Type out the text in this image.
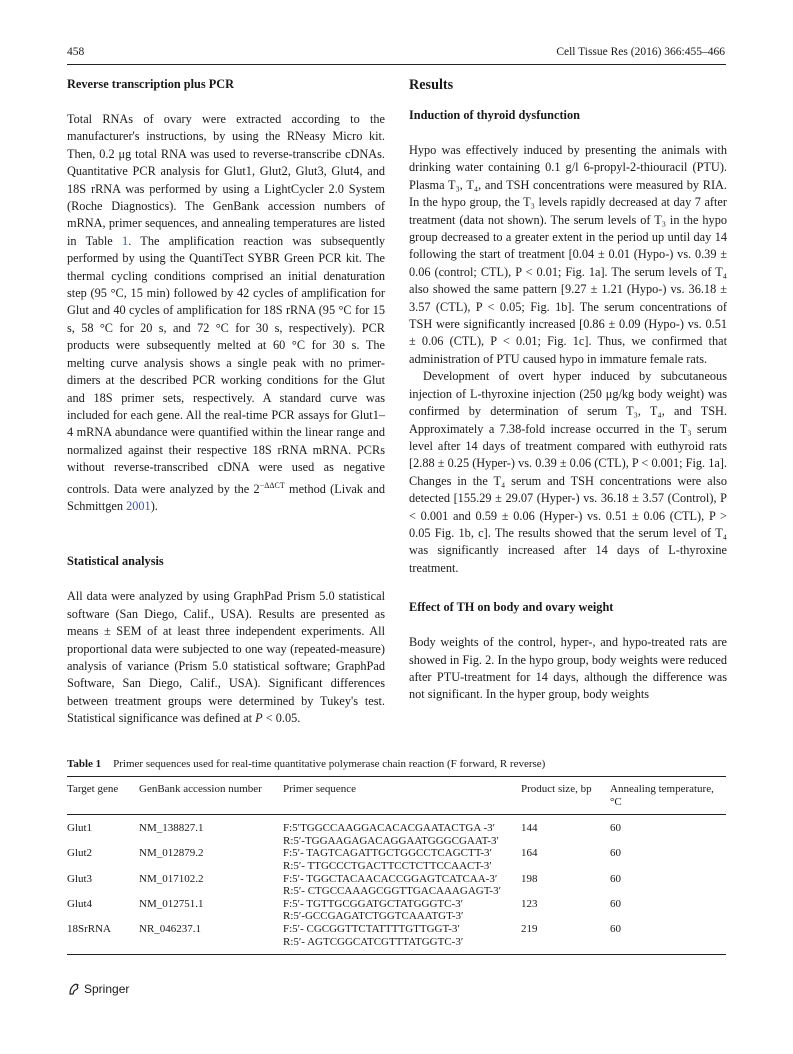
458	Cell Tissue Res (2016) 366:455–466
Reverse transcription plus PCR

Total RNAs of ovary were extracted according to the manufacturer's instructions, by using the RNeasy Micro kit. Then, 0.2 μg total RNA was used to reverse-transcribe cDNAs. Quantitative PCR analysis for Glut1, Glut2, Glut3, Glut4, and 18S rRNA was performed by using a LightCycler 2.0 System (Roche Diagnostics). The GenBank accession numbers of mRNA, primer sequences, and annealing temperatures are listed in Table 1. The amplification reaction was subsequently performed by using the QuantiTect SYBR Green PCR kit. The thermal cycling conditions comprised an initial denaturation step (95 °C, 15 min) followed by 42 cycles of amplification for Glut and 40 cycles of amplification for 18S rRNA (95 °C for 15 s, 58 °C for 20 s, and 72 °C for 30 s, respectively). PCR products were subsequently melted at 60 °C for 30 s. The melting curve analysis shows a single peak with no primer-dimers at the described PCR working conditions for the Glut and 18S primer sets, respectively. A standard curve was included for each gene. All the real-time PCR assays for Glut1–4 mRNA abundance were quantified within the linear range and normalized against their respective 18S rRNA mRNA. PCRs without reverse-transcribed cDNA were used as negative controls. Data were analyzed by the $2^{-\Delta\Delta CT}$ method (Livak and Schmittgen 2001).

Statistical analysis

All data were analyzed by using GraphPad Prism 5.0 statistical software (San Diego, Calif., USA). Results are presented as means ± SEM of at least three independent experiments. All proportional data were subjected to one way (repeated-measure) analysis of variance (Prism 5.0 statistical software; GraphPad Software, San Diego, Calif., USA). Significant differences between treatment groups were determined by Tukey's test. Statistical significance was defined at P < 0.05.

Results
Induction of thyroid dysfunction

Hypo was effectively induced by presenting the animals with drinking water containing 0.1 g/l 6-propyl-2-thiouracil (PTU). Plasma T₃, T₄, and TSH concentrations were measured by RIA. In the hypo group, the T₃ levels rapidly decreased at day 7 after treatment (data not shown). The serum levels of T₃ in the hypo group decreased to a greater extent in the period up until day 14 following the start of treatment [0.04 ± 0.01 (Hypo-) vs. 0.39 ± 0.06 (control; CTL), P < 0.01; Fig. 1a]. The serum levels of T₄ also showed the same pattern [9.27 ± 1.21 (Hypo-) vs. 36.18 ± 3.57 (CTL), P < 0.05; Fig. 1b]. The serum concentrations of TSH were significantly increased [0.86 ± 0.09 (Hypo-) vs. 0.51 ± 0.06 (CTL), P < 0.01; Fig. 1c]. Thus, we confirmed that administration of PTU caused hypo in immature female rats.

Development of overt hyper induced by subcutaneous injection of L-thyroxine injection (250 μg/kg body weight) was confirmed by determination of serum T₃, T₄, and TSH. Approximately a 7.38-fold increase occurred in the T₃ serum level after 14 days of treatment compared with euthyroid rats [2.88 ± 0.25 (Hyper-) vs. 0.39 ± 0.06 (CTL), P < 0.001; Fig. 1a]. Changes in the T₄ serum and TSH concentrations were also detected [155.29 ± 29.07 (Hyper-) vs. 36.18 ± 3.57 (Control), P < 0.001 and 0.59 ± 0.06 (Hyper-) vs. 0.51 ± 0.06 (CTL), P > 0.05 Fig. 1b, c]. The results showed that the serum level of T₄ was significantly increased after 14 days of L-thyroxine treatment.

Effect of TH on body and ovary weight

Body weights of the control, hyper-, and hypo-treated rats are showed in Fig. 2. In the hypo group, body weights were reduced after PTU-treatment for 14 days, although the difference was not significant. In the hyper group, body weights

Table 1 Primer sequences used for real-time quantitative polymerase chain reaction (F forward, R reverse)

Target gene	GenBank accession number	Primer sequence	Product size, bp	Annealing temperature, °C
Glut1	NM_138827.1	F:5′TGGCCAAGGACACACGAATACTGA -3′
R:5′-TGGAAGAGACAGGAATGGGCGAAT-3′	144	60
Glut2	NM_012879.2	F:5′- TAGTCAGATTGCTGGCCTCAGCTT-3′
R:5′- TTGCCCTGACTTCCTCTTCCAACT-3′	164	60
Glut3	NM_017102.2	F:5′- TGGCTACAACACCGGAGTCATCAA-3′
R:5′- CTGCCAAAGCGGTTGACAAAGAGT-3′	198	60
Glut4	NM_012751.1	F:5′- TGTTGCGGATGCTATGGGTC-3′
R:5′-GCCGAGATCTGGTCAAATGT-3′	123	60
18SrRNA	NR_046237.1	F:5′- CGCGGTTCTATTTTGTTGGT-3′
R:5′- AGTCGGCATCGTTTATGGTC-3′	219	60
Springer
